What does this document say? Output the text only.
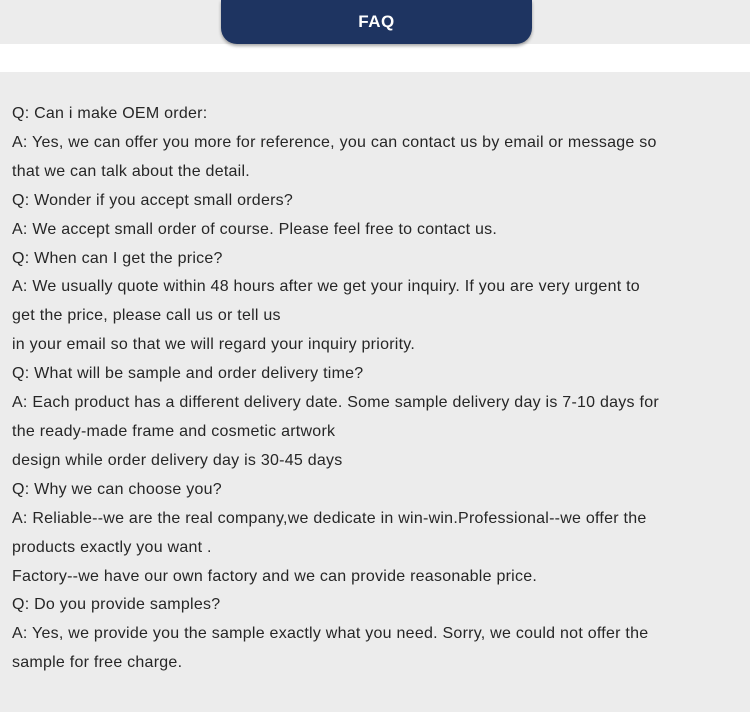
FAQ
Q: Can i make OEM order:
A: Yes, we can offer you more for reference, you can contact us by email or message so
that we can talk about the detail.
Q: Wonder if you accept small orders?
A: We accept small order of course. Please feel free to contact us.
Q: When can I get the price?
A: We usually quote within 48 hours after we get your inquiry. If you are very urgent to
get the price, please call us or tell us
in your email so that we will regard your inquiry priority.
Q: What will be sample and order delivery time?
A: Each product has a different delivery date. Some sample delivery day is 7-10 days for
the ready-made frame and cosmetic artwork
design while order delivery day is 30-45 days
Q: Why we can choose you?
A: Reliable--we are the real company,we dedicate in win-win.Professional--we offer the
products exactly you want .
Factory--we have our own factory and we can provide reasonable price.
Q: Do you provide samples?
A: Yes, we provide you the sample exactly what you need. Sorry, we could not offer the
sample for free charge.
